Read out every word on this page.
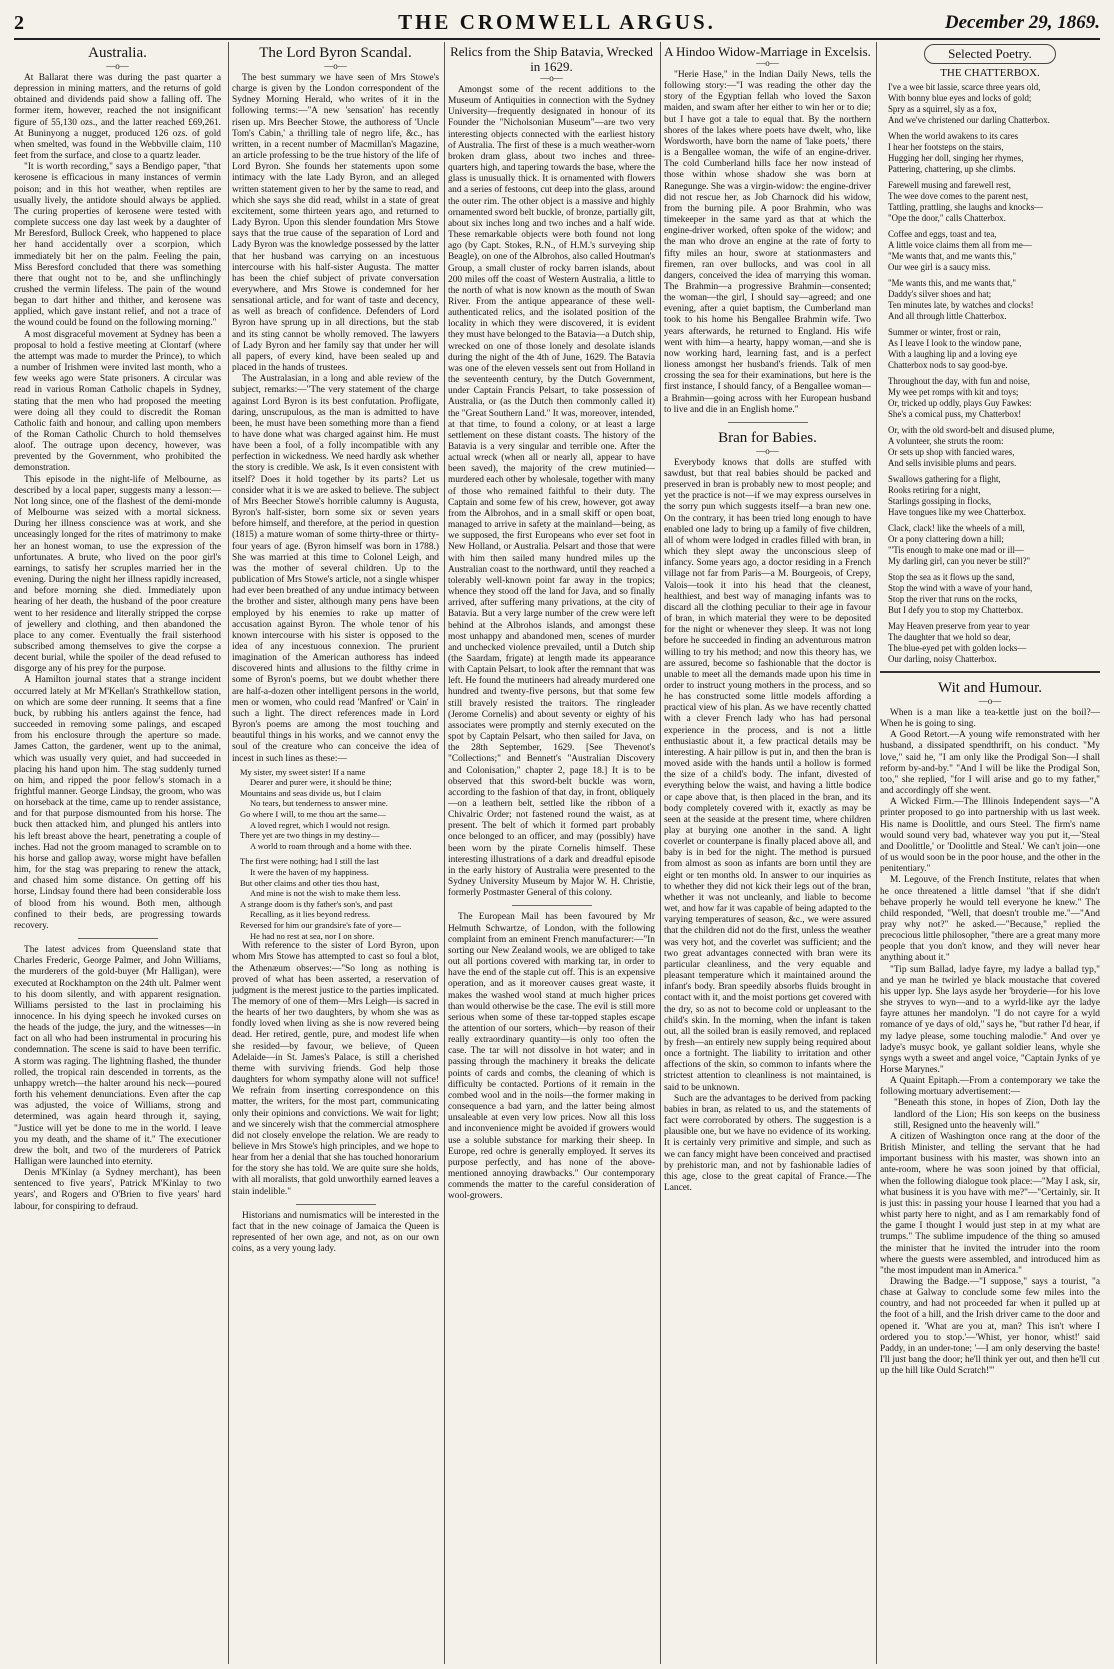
2	THE CROMWELL ARGUS.	December 29, 1869.
Australia.
—o—

At Ballarat there was during the past quarter a depression in mining matters, and the returns of gold obtained and dividends paid show a falling off. The former item, however, reached the not insignificant figure of 55,130 ozs., and the latter reached £69,261. At Buninyong a nugget, produced 126 ozs. of gold when smelted, was found in the Webbville claim, 110 feet from the surface, and close to a quartz leader.

"It is worth recording," says a Bendigo paper, "that kerosene is efficacious in many instances of vermin poison; and in this hot weather, when reptiles are usually lively, the antidote should always be applied. The curing properties of kerosene were tested with complete success one day last week by a daughter of Mr Beresford, Bullock Creek, who happened to place her hand accidentally over a scorpion, which immediately bit her on the palm. Feeling the pain, Miss Beresford concluded that there was something there that ought not to be, and she unflinchingly crushed the vermin lifeless. The pain of the wound began to dart hither and thither, and kerosene was applied, which gave instant relief, and not a trace of the wound could be found on the following morning."

A most disgraceful movement at Sydney has been a proposal to hold a festive meeting at Clontarf (where the attempt was made to murder the Prince), to which a number of Irishmen were invited last month, who a few weeks ago were State prisoners. A circular was read in various Roman Catholic chapels in Sydney, stating that the men who had proposed the meeting were doing all they could to discredit the Roman Catholic faith and honour, and calling upon members of the Roman Catholic Church to hold themselves aloof. The outrage upon decency, however, was prevented by the Government, who prohibited the demonstration.

This episode in the night-life of Melbourne, as described by a local paper, suggests many a lesson:—Not long since, one of the flashest of the demi-monde of Melbourne was seized with a mortal sickness. During her illness conscience was at work, and she unceasingly longed for the rites of matrimony to make her an honest woman, to use the expression of the unfortunates. A brute, who lived on the poor girl's earnings, to satisfy her scruples married her in the evening. During the night her illness rapidly increased, and before morning she died. Immediately upon hearing of her death, the husband of the poor creature went to her residence and literally stripped the corpse of jewellery and clothing, and then abandoned the place to any comer. Eventually the frail sisterhood subscribed among themselves to give the corpse a decent burial, while the spoiler of the dead refused to disgorge any of his prey for the purpose.

A Hamilton journal states that a strange incident occurred lately at Mr M'Kellan's Strathkellow station, on which are some deer running. It seems that a fine buck, by rubbing his antlers against the fence, had succeeded in removing some palings, and escaped from his enclosure through the aperture so made. James Catton, the gardener, went up to the animal, which was usually very quiet, and had succeeded in placing his hand upon him. The stag suddenly turned on him, and ripped the poor fellow's stomach in a frightful manner. George Lindsay, the groom, who was on horseback at the time, came up to render assistance, and for that purpose dismounted from his horse. The buck then attacked him, and plunged his antlers into his left breast above the heart, penetrating a couple of inches. Had not the groom managed to scramble on to his horse and gallop away, worse might have befallen him, for the stag was preparing to renew the attack, and chased him some distance. On getting off his horse, Lindsay found there had been considerable loss of blood from his wound. Both men, although confined to their beds, are progressing towards recovery.

The latest advices from Queensland state that Charles Frederic, George Palmer, and John Williams, the murderers of the gold-buyer (Mr Halligan), were executed at Rockhampton on the 24th ult. Palmer went to his doom silently, and with apparent resignation. Williams persisted to the last in proclaiming his innocence. In his dying speech he invoked curses on the heads of the judge, the jury, and the witnesses—in fact on all who had been instrumental in procuring his condemnation. The scene is said to have been terrific. A storm was raging. The lightning flashed, the thunder rolled, the tropical rain descended in torrents, as the unhappy wretch—the halter around his neck—poured forth his vehement denunciations. Even after the cap was adjusted, the voice of Williams, strong and determined, was again heard through it, saying, "Justice will yet be done to me in the world. I leave you my death, and the shame of it." The executioner drew the bolt, and two of the murderers of Patrick Halligan were launched into eternity.

Denis M'Kinlay (a Sydney merchant), has been sentenced to five years', Patrick M'Kinlay to two years', and Rogers and O'Brien to five years' hard labour, for conspiring to defraud.

The Lord Byron Scandal.
—o—

The best summary we have seen of Mrs Stowe's charge is given by the London correspondent of the Sydney Morning Herald, who writes of it in the following terms:—"A new 'sensation' has recently risen up. Mrs Beecher Stowe, the authoress of 'Uncle Tom's Cabin,' a thrilling tale of negro life, &c., has written, in a recent number of Macmillan's Magazine, an article professing to be the true history of the life of Lord Byron. She founds her statements upon some intimacy with the late Lady Byron, and an alleged written statement given to her by the same to read, and which she says she did read, whilst in a state of great excitement, some thirteen years ago, and returned to Lady Byron. Upon this slender foundation Mrs Stowe says that the true cause of the separation of Lord and Lady Byron was the knowledge possessed by the latter that her husband was carrying on an incestuous intercourse with his half-sister Augusta. The matter has been the chief subject of private conversation everywhere, and Mrs Stowe is condemned for her sensational article, and for want of taste and decency, as well as breach of confidence. Defenders of Lord Byron have sprung up in all directions, but the stab and its sting cannot be wholly removed. The lawyers of Lady Byron and her family say that under her will all papers, of every kind, have been sealed up and placed in the hands of trustees.

The Australasian, in a long and able review of the subject, remarks:—"The very statement of the charge against Lord Byron is its best confutation. Profligate, daring, unscrupulous, as the man is admitted to have been, he must have been something more than a fiend to have done what was charged against him. He must have been a fool, of a folly incompatible with any perfection in wickedness. We need hardly ask whether the story is credible. We ask, Is it even consistent with itself? Does it hold together by its parts? Let us consider what it is we are asked to believe. The subject of Mrs Beecher Stowe's horrible calumny is Augusta, Byron's half-sister, born some six or seven years before himself, and therefore, at the period in question (1815) a mature woman of some thirty-three or thirty-four years of age. (Byron himself was born in 1788.) She was married at this time to Colonel Leigh, and was the mother of several children. Up to the publication of Mrs Stowe's article, not a single whisper had ever been breathed of any undue intimacy between the brother and sister, although many pens have been employed by his enemies to rake up matter of accusation against Byron. The whole tenor of his known intercourse with his sister is opposed to the idea of any incestuous connexion. The prurient imagination of the American authoress has indeed discovered hints and allusions to the filthy crime in some of Byron's poems, but we doubt whether there are half-a-dozen other intelligent persons in the world, men or women, who could read 'Manfred' or 'Cain' in such a light. The direct references made in Lord Byron's poems are among the most touching and beautiful things in his works, and we cannot envy the soul of the creature who can conceive the idea of incest in such lines as these:—

My sister, my sweet sister! If a name
Dearer and purer were, it should be thine;
Mountains and seas divide us, but I claim
No tears, but tenderness to answer mine.
Go where I will, to me thou art the same—
A loved regret, which I would not resign.
There yet are two things in my destiny—
A world to roam through and a home with thee.
The first were nothing; had I still the last
It were the haven of my happiness.
But other claims and other ties thou hast,
And mine is not the wish to make them less.
A strange doom is thy father's son's, and past
Recalling, as it lies beyond redress.
Reversed for him our grandsire's fate of yore—
He had no rest at sea, nor I on shore.

With reference to the sister of Lord Byron, upon whom Mrs Stowe has attempted to cast so foul a blot, the Athenæum observes:—"So long as nothing is proved of what has been asserted, a reservation of judgment is the merest justice to the parties implicated. The memory of one of them—Mrs Leigh—is sacred in the hearts of her two daughters, by whom she was as fondly loved when living as she is now revered being dead. Her retired, gentle, pure, and modest life when she resided—by favour, we believe, of Queen Adelaide—in St. James's Palace, is still a cherished theme with surviving friends. God help those daughters for whom sympathy alone will not suffice! We refrain from inserting correspondence on this matter, the writers, for the most part, communicating only their opinions and convictions. We wait for light; and we sincerely wish that the commercial atmosphere did not closely envelope the relation. We are ready to believe in Mrs Stowe's high principles, and we hope to hear from her a denial that she has touched honorarium for the story she has told. We are quite sure she holds, with all moralists, that gold unworthily earned leaves a stain indelible."

Historians and numismatics will be interested in the fact that in the new coinage of Jamaica the Queen is represented of her own age, and not, as on our own coins, as a very young lady.

Relics from the Ship Batavia, Wrecked in 1629.
—o—

Amongst some of the recent additions to the Museum of Antiquities in connection with the Sydney University—frequently designated in honour of its Founder the "Nicholsonian Museum"—are two very interesting objects connected with the earliest history of Australia. The first of these is a much weather-worn broken dram glass, about two inches and three-quarters high, and tapering towards the base, where the glass is unusually thick. It is ornamented with flowers and a series of festoons, cut deep into the glass, around the outer rim. The other object is a massive and highly ornamented sword belt buckle, of bronze, partially gilt, about six inches long and two inches and a half wide. These remarkable objects were both found not long ago (by Capt. Stokes, R.N., of H.M.'s surveying ship Beagle), on one of the Albrohos, also called Houtman's Group, a small cluster of rocky barren islands, about 200 miles off the coast of Western Australia, a little to the north of what is now known as the mouth of Swan River. From the antique appearance of these well-authenticated relics, and the isolated position of the locality in which they were discovered, it is evident they must have belonged to the Batavia—a Dutch ship, wrecked on one of those lonely and desolate islands during the night of the 4th of June, 1629. The Batavia was one of the eleven vessels sent out from Holland in the seventeenth century, by the Dutch Government, under Captain Francis Pelsart, to take possession of Australia, or (as the Dutch then commonly called it) the "Great Southern Land." It was, moreover, intended, at that time, to found a colony, or at least a large settlement on these distant coasts. The history of the Batavia is a very singular and terrible one. After the actual wreck (when all or nearly all, appear to have been saved), the majority of the crew mutinied—murdered each other by wholesale, together with many of those who remained faithful to their duty. The Captain and some few of his crew, however, got away from the Albrohos, and in a small skiff or open boat, managed to arrive in safety at the mainland—being, as we supposed, the first Europeans who ever set foot in New Holland, or Australia. Pelsart and those that were with him then sailed many hundred miles up the Australian coast to the northward, until they reached a tolerably well-known point far away in the tropics; whence they stood off the land for Java, and so finally arrived, after suffering many privations, at the city of Batavia. But a very large number of the crew were left behind at the Albrohos islands, and amongst these most unhappy and abandoned men, scenes of murder and unchecked violence prevailed, until a Dutch ship (the Saardam, frigate) at length made its appearance with Captain Pelsart, to look after the remnant that was left. He found the mutineers had already murdered one hundred and twenty-five persons, but that some few still bravely resisted the traitors. The ringleader (Jerome Cornelis) and about seventy or eighty of his associates were promptly and sternly executed on the spot by Captain Pelsart, who then sailed for Java, on the 28th September, 1629. [See Thevenot's "Collections;" and Bennett's "Australian Discovery and Colonisation," chapter 2, page 18.] It is to be observed that this sword-belt buckle was worn, according to the fashion of that day, in front, obliquely—on a leathern belt, settled like the ribbon of a Chivalric Order; not fastened round the waist, as at present. The belt of which it formed part probably once belonged to an officer, and may (possibly) have been worn by the pirate Cornelis himself. These interesting illustrations of a dark and dreadful episode in the early history of Australia were presented to the Sydney University Museum by Major W. H. Christie, formerly Postmaster General of this colony.

The European Mail has been favoured by Mr Helmuth Schwartze, of London, with the following complaint from an eminent French manufacturer:—"In sorting our New Zealand wools, we are obliged to take out all portions covered with marking tar, in order to have the end of the staple cut off. This is an expensive operation, and as it moreover causes great waste, it makes the washed wool stand at much higher prices than would otherwise be the case. The evil is still more serious when some of these tar-topped staples escape the attention of our sorters, which—by reason of their really extraordinary quantity—is only too often the case. The tar will not dissolve in hot water; and in passing through the machinery it breaks the delicate points of cards and combs, the cleaning of which is difficulty be contacted. Portions of it remain in the combed wool and in the noils—the former making in consequence a bad yarn, and the latter being almost unsaleable at even very low prices. Now all this loss and inconvenience might be avoided if growers would use a soluble substance for marking their sheep. In Europe, red ochre is generally employed. It serves its purpose perfectly, and has none of the above-mentioned annoying drawbacks." Our contemporary commends the matter to the careful consideration of wool-growers.

A Hindoo Widow-Marriage in Excelsis.
—o—

"Herie Hase," in the Indian Daily News, tells the following story:—"I was reading the other day the story of the Egyptian fellah who loved the Saxon maiden, and swam after her either to win her or to die; but I have got a tale to equal that. By the northern shores of the lakes where poets have dwelt, who, like Wordsworth, have born the name of 'lake poets,' there is a Bengallee woman, the wife of an engine-driver. The cold Cumberland hills face her now instead of those within whose shadow she was born at Ranegunge. She was a virgin-widow: the engine-driver did not rescue her, as Job Charnock did his widow, from the burning pile. A poor Brahmin, who was timekeeper in the same yard as that at which the engine-driver worked, often spoke of the widow; and the man who drove an engine at the rate of forty to fifty miles an hour, swore at stationmasters and firemen, ran over bullocks, and was cool in all dangers, conceived the idea of marrying this woman. The Brahmin—a progressive Brahmin—consented; the woman—the girl, I should say—agreed; and one evening, after a quiet baptism, the Cumberland man took to his home his Bengallee Brahmin wife. Two years afterwards, he returned to England. His wife went with him—a hearty, happy woman,—and she is now working hard, learning fast, and is a perfect lioness amongst her husband's friends. Talk of men crossing the sea for their examinations, but here is the first instance, I should fancy, of a Bengallee woman—a Brahmin—going across with her European husband to live and die in an English home."

Bran for Babies.
—o—

Everybody knows that dolls are stuffed with sawdust, but that real babies should be packed and preserved in bran is probably new to most people; and yet the practice is not—if we may express ourselves in the sorry pun which suggests itself—a bran new one. On the contrary, it has been tried long enough to have enabled one lady to bring up a family of five children, all of whom were lodged in cradles filled with bran, in which they slept away the unconscious sleep of infancy. Some years ago, a doctor residing in a French village not far from Paris—a M. Bourgeois, of Crepy, Valois—took it into his head that the cleanest, healthiest, and best way of managing infants was to discard all the clothing peculiar to their age in favour of bran, in which material they were to be deposited for the night or whenever they sleep. It was not long before he succeeded in finding an adventurous matron willing to try his method; and now this theory has, we are assured, become so fashionable that the doctor is unable to meet all the demands made upon his time in order to instruct young mothers in the process, and so he has constructed some little models affording a practical view of his plan. As we have recently chatted with a clever French lady who has had personal experience in the process, and is not a little enthusiastic about it, a few practical details may be interesting. A hair pillow is put in, and then the bran is moved aside with the hands until a hollow is formed the size of a child's body. The infant, divested of everything below the waist, and having a little bodice or cape above that, is then placed in the bran, and its body completely covered with it, exactly as may be seen at the seaside at the present time, where children play at burying one another in the sand. A light coverlet or counterpane is finally placed above all, and baby is in bed for the night. The method is pursued from almost as soon as infants are born until they are eight or ten months old. In answer to our inquiries as to whether they did not kick their legs out of the bran, whether it was not uncleanly, and liable to become wet, and how far it was capable of being adapted to the varying temperatures of season, &c., we were assured that the children did not do the first, unless the weather was very hot, and the coverlet was sufficient; and the two great advantages connected with bran were its particular cleanliness, and the very equable and pleasant temperature which it maintained around the infant's body. Bran speedily absorbs fluids brought in contact with it, and the moist portions get covered with the dry, so as not to become cold or unpleasant to the child's skin. In the morning, when the infant is taken out, all the soiled bran is easily removed, and replaced by fresh—an entirely new supply being required about once a fortnight. The liability to irritation and other affections of the skin, so common to infants where the strictest attention to cleanliness is not maintained, is said to be unknown.

Such are the advantages to be derived from packing babies in bran, as related to us, and the statements of fact were corroborated by others. The suggestion is a plausible one, but we have no evidence of its working. It is certainly very primitive and simple, and such as we can fancy might have been conceived and practised by prehistoric man, and not by fashionable ladies of this age, close to the great capital of France.—The Lancet.

Selected Poetry.
THE CHATTERBOX.
I've a wee bit lassie, scarce three years old,
With bonny blue eyes and locks of gold;
Spry as a squirrel, sly as a fox,
And we've christened our darling Chatterbox.
When the world awakens to its cares
I hear her footsteps on the stairs,
Hugging her doll, singing her rhymes,
Pattering, chattering, up she climbs.
Farewell musing and farewell rest,
The wee dove comes to the parent nest,
Tattling, prattling, she laughs and knocks—
"Ope the door," calls Chatterbox.
Coffee and eggs, toast and tea,
A little voice claims them all from me—
"Me wants that, and me wants this,"
Our wee girl is a saucy miss.
"Me wants this, and me wants that,"
Daddy's silver shoes and hat;
Ten minutes late, by watches and clocks!
And all through little Chatterbox.
Summer or winter, frost or rain,
As I leave I look to the window pane,
With a laughing lip and a loving eye
Chatterbox nods to say good-bye.
Throughout the day, with fun and noise,
My wee pet romps with kit and toys;
Or, tricked up oddly, plays Guy Fawkes:
She's a comical puss, my Chatterbox!
Or, with the old sword-belt and disused plume,
A volunteer, she struts the room:
Or sets up shop with fancied wares,
And sells invisible plums and pears.
Swallows gathering for a flight,
Rooks retiring for a night,
Starlings gossiping in flocks,
Have tongues like my wee Chatterbox.
Clack, clack! like the wheels of a mill,
Or a pony clattering down a hill;
"'Tis enough to make one mad or ill—
My darling girl, can you never be still?"
Stop the sea as it flows up the sand,
Stop the wind with a wave of your hand,
Stop the river that runs on the rocks,
But I defy you to stop my Chatterbox.
May Heaven preserve from year to year
The daughter that we hold so dear,
The blue-eyed pet with golden locks—
Our darling, noisy Chatterbox.
Wit and Humour.
—o—

When is a man like a tea-kettle just on the boil?—When he is going to sing.

A Good Retort.—A young wife remonstrated with her husband, a dissipated spendthrift, on his conduct. "My love," said he, "I am only like the Prodigal Son—I shall reform by-and-by." "And I will be like the Prodigal Son, too," she replied, "for I will arise and go to my father," and accordingly off she went.

A Wicked Firm.—The Illinois Independent says—"A printer proposed to go into partnership with us last week. His name is Doolittle, and ours Steel. The firm's name would sound very bad, whatever way you put it,—'Steal and Doolittle,' or 'Doolittle and Steal.' We can't join—one of us would soon be in the poor house, and the other in the penitentiary."

M. Legouve, of the French Institute, relates that when he once threatened a little damsel "that if she didn't behave properly he would tell everyone he knew." The child responded, "Well, that doesn't trouble me."—"And pray why not?" he asked.—"Because," replied the precocious little philosopher, "there are a great many more people that you don't know, and they will never hear anything about it."

"Tip sum Ballad, ladye fayre, my ladye a ballad typ," and ye man he twirled ye black moustache that covered his upper lyp. She lays asyde her 'broyderie—for his love she stryves to wyn—and to a wyrld-like ayr the ladye fayre attunes her mandolyn. "I do not cayre for a wyld romance of ye days of old," says he, "but rather I'd hear, if my ladye please, some touching malodie." And over ye ladye's musyc book, ye gallant soldier leans, whyle she syngs wyth a sweet and angel voice, "Captain Jynks of ye Horse Marynes."

A Quaint Epitaph.—From a contemporary we take the following mortuary advertisement:—

"Beneath this stone, in hopes of Zion, Doth lay the landlord of the Lion; His son keeps on the business still, Resigned unto the heavenly will."

A citizen of Washington once rang at the door of the British Minister, and telling the servant that he had important business with his master, was shown into an ante-room, where he was soon joined by that official, when the following dialogue took place:—"May I ask, sir, what business it is you have with me?"—"Certainly, sir. It is just this: in passing your house I learned that you had a whist party here to night, and as I am remarkably fond of the game I thought I would just step in at my what are trumps." The sublime impudence of the thing so amused the minister that he invited the intruder into the room where the guests were assembled, and introduced him as "the most impudent man in America."

Drawing the Badge.—"I suppose," says a tourist, "a chase at Galway to conclude some few miles into the country, and had not proceeded far when it pulled up at the foot of a hill, and the Irish driver came to the door and opened it. 'What are you at, man? This isn't where I ordered you to stop.'—'Whist, yer honor, whist!' said Paddy, in an under-tone; '—I am only deserving the baste! I'll just bang the door; he'll think yer out, and then he'll cut up the hill like Ould Scratch!'"
